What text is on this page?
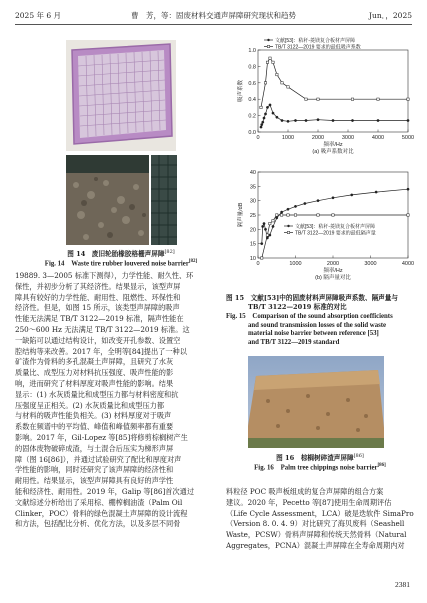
2025 年 6 月	曹　芳，等：固废材料交通声屏障研究现状和趋势	Jun．，2025
图 14　废旧轮胎橡胶格栅声屏障[82]
Fig. 14　Waste tire rubber louvered noise barrier[82]
19889. 3—2005 标准下测得），力学性能、耐久性、环
保性，并初步分析了其经济性。结果显示，该型声屏
障具有较好的力学性能、耐用性、阻燃性、环保性和
经济性。但是，如图 15 所示，该类型声屏障的吸声
性能无法满足 TB/T 3122—2019 标准，隔声性能在
250～600 Hz 无法满足 TB/T 3122—2019 标准。这
一缺陷可以通过结构设计，如改变开孔参数、设置空
腔结构等来改善。2017 年，全明等[84]提出了一种以
矿渣作为骨料的多孔混凝土声屏障，且研究了水灰
质量比、成型压力对材料抗压强度、吸声性能的影
响，进而研究了材料厚度对吸声性能的影响。结果
显示：(1) 水灰质量比和成型压力都与材料密度和抗
压强度呈正相关。(2) 水灰质量比和成型压力都
与材料的吸声性能负相关。(3) 材料厚度对于吸声
系数在频谱中的平均值、峰值和峰值频率都有重要
影响。2017 年，Gil-Lopez 等[85]将修剪棕榈树产生
的固体废物破碎成渣，与土混合后压实为梯形声屏
障（图 16[86]），并通过试验研究了配比和厚度对声
学性能的影响，同时还研究了该声屏障的经济性和
耐用性。结果显示，该型声屏障具有良好的声学性
能和经济性、耐用性。2019 年，Galip 等[86]首次通过
文献综述分析给出了采用棕、棚榨榈油渣（Palm Oil
Clinker，POC）骨料的绿色混凝土声屏障的设计流程
和方法，包括配比分析、优化方法，以及多层不同骨
0.0
0.2
0.4
0.6
0.8
1.0
0	1000	2000	3000	4000	5000
吸声系数
频率/Hz
(a) 吸声系数对比
文献[53]：秸秆-菱镁复合板材声屏障
TB/T 3122—2019 要求的最低吸声系数
10
15
20
25
30
35
40
0	1000	2000	3000	4000
隔声量/dB
频率/Hz
(b) 隔声量对比
文献[53]：秸秆-菱镁复合板材声屏障
TB/T 3122—2019 要求的最低隔声量
图 15　文献[53]中的固废材料声屏障吸声系数、隔声量与
TB/T 3122—2019 标准的对比
Fig. 15　Comparison of the sound absorption coefficients
and sound transmission losses of the solid waste
material noise barrier between reference [53]
and TB/T 3122—2019 standard
图 16　棕榈树碎渣声屏障[86]
Fig. 16　Palm tree chippings noise barrier[86]
料粒径 POC 吸声板组成的复合声屏障的组合方案
建议。2020 年，Pecetto 等[87]使用生命周期评估
（Life Cycle Assessment，LCA）破是迭软件 SimaPro
（Version 8. 0. 4. 9）对比研究了海贝废料（Seashell
Waste，PCSW）骨料声屏障和传统天然骨料（Natural
Aggregates，PCNA）混凝土声屏障在全寿命周期内对
2381
